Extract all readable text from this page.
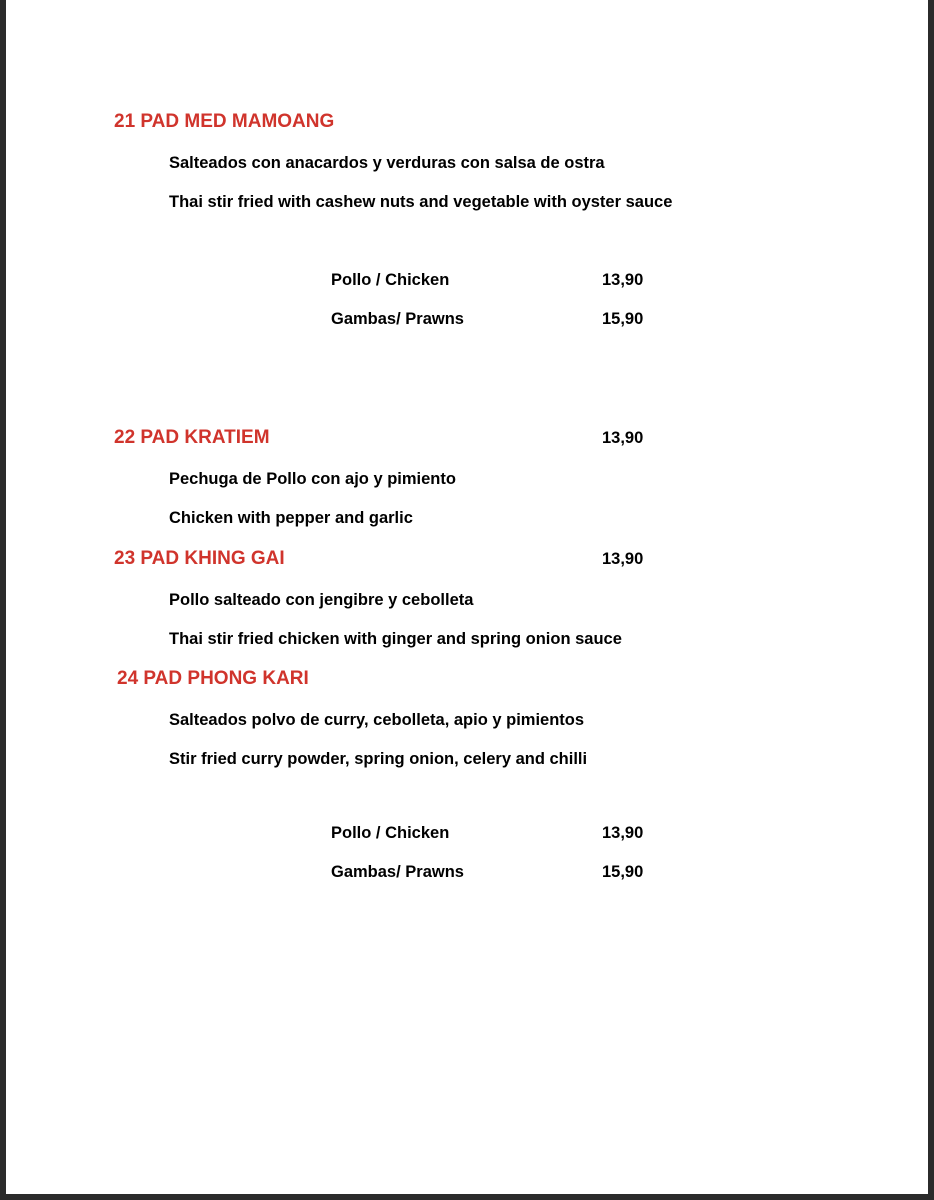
21 PAD MED MAMOANG
Salteados con anacardos y verduras con salsa de ostra
Thai stir fried with cashew nuts and vegetable with oyster sauce
Pollo / Chicken	13,90
Gambas/ Prawns	15,90
22 PAD KRATIEM	13,90
Pechuga de Pollo con ajo y pimiento
Chicken with pepper and garlic
23 PAD KHING GAI	13,90
Pollo salteado con jengibre y cebolleta
Thai stir fried chicken with ginger and spring onion sauce
24 PAD PHONG KARI
Salteados polvo de curry, cebolleta, apio y pimientos
Stir fried curry powder, spring onion, celery and chilli
Pollo / Chicken	13,90
Gambas/ Prawns	15,90
